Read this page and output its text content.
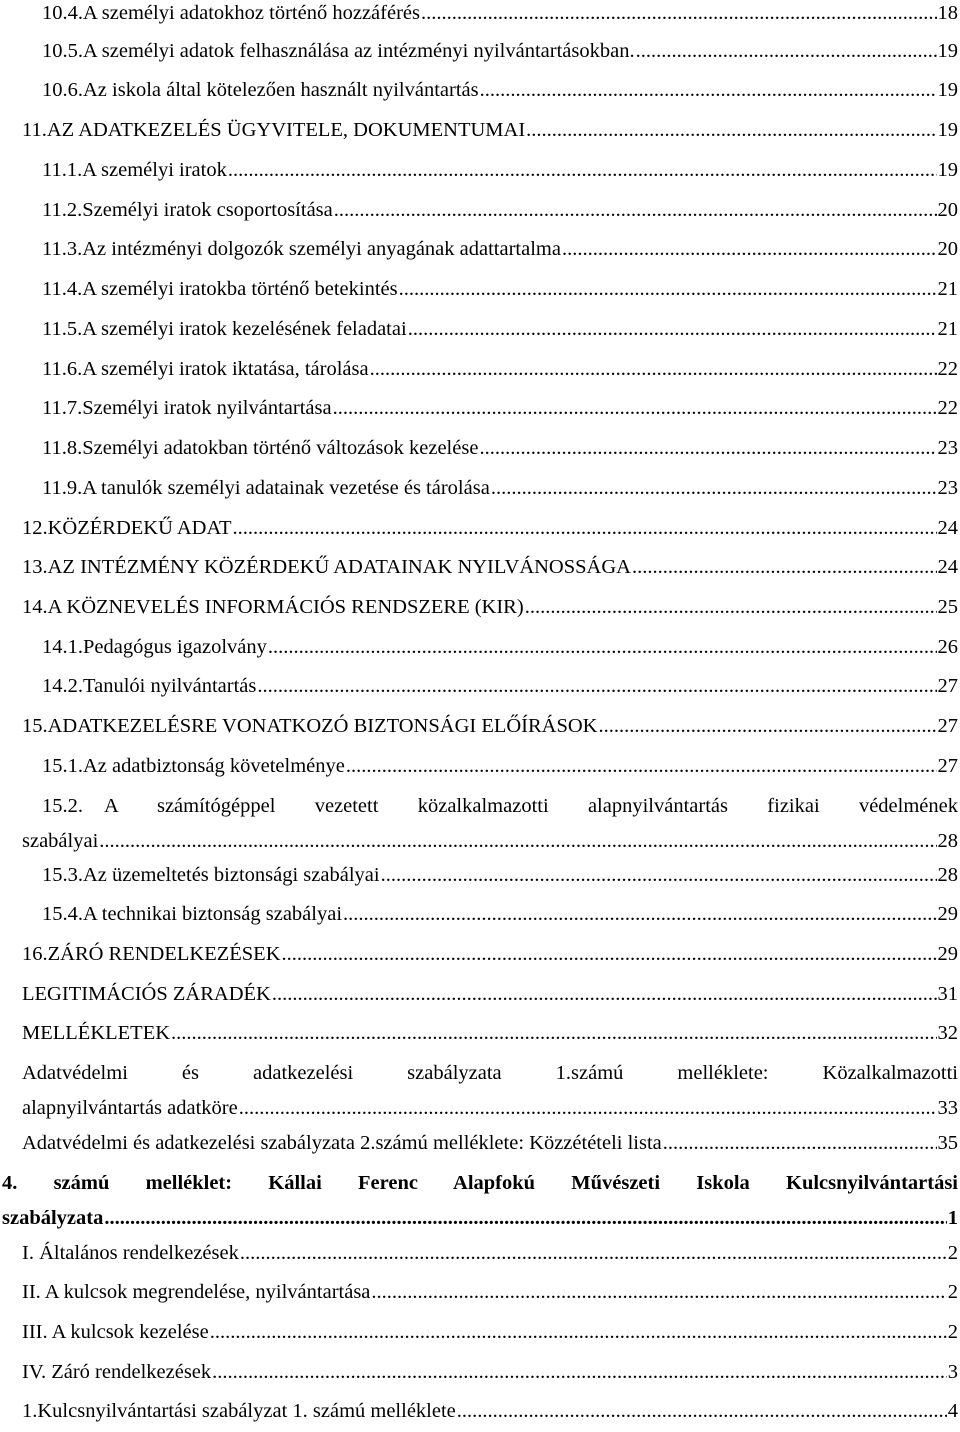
10.4. A személyi adatokhoz történő hozzáférés .....	18
10.5. A személyi adatok felhasználása az intézményi nyilvántartásokban. .....	19
10.6. Az iskola által kötelezően használt nyilvántartás .....	19
11. AZ ADATKEZELÉS ÜGYVITELE, DOKUMENTUMAI .....	19
11.1. A személyi iratok .....	19
11.2. Személyi iratok csoportosítása .....	20
11.3. Az intézményi dolgozók személyi anyagának adattartalma .....	20
11.4. A személyi iratokba történő betekintés .....	21
11.5. A személyi iratok kezelésének feladatai .....	21
11.6. A személyi iratok iktatása, tárolása .....	22
11.7. Személyi iratok nyilvántartása .....	22
11.8. Személyi adatokban történő változások kezelése .....	23
11.9. A tanulók személyi adatainak vezetése és tárolása .....	23
12. KÖZÉRDEKŰ ADAT .....	24
13. AZ INTÉZMÉNY KÖZÉRDEKŰ ADATAINAK NYILVÁNOSSÁGA .....	24
14. A KÖZNEVELÉS INFORMÁCIÓS RENDSZERE (KIR) .....	25
14.1. Pedagógus igazolvány .....	26
14.2. Tanulói nyilvántartás .....	27
15. ADATKEZELÉSRE VONATKOZÓ BIZTONSÁGI ELŐÍRÁSOK .....	27
15.1. Az adatbiztonság követelménye .....	27
15.2.	A számítógéppel vezetett közalkalmazotti alapnyilvántartás fizikai védelmének
szabályai .....	28
15.3. Az üzemeltetés biztonsági szabályai .....	28
15.4. A technikai biztonság szabályai .....	29
16. ZÁRÓ RENDELKEZÉSEK .....	29
LEGITIMÁCIÓS ZÁRADÉK .....	31
MELLÉKLETEK .....	32
Adatvédelmi és adatkezelési szabályzata 1.számú melléklete: Közalkalmazotti
alapnyilvántartás adatköre .....	33
Adatvédelmi és adatkezelési szabályzata 2.számú melléklete: Közzétételi lista .....	35
4. számú melléklet: Kállai Ferenc Alapfokú Művészeti Iskola Kulcsnyilvántartási
szabályzata .....	1
I. Általános rendelkezések .....	2
II. A kulcsok megrendelése, nyilvántartása .....	2
III. A kulcsok kezelése .....	2
IV. Záró rendelkezések .....	3
1. Kulcsnyilvántartási szabályzat 1. számú melléklete .....	4
